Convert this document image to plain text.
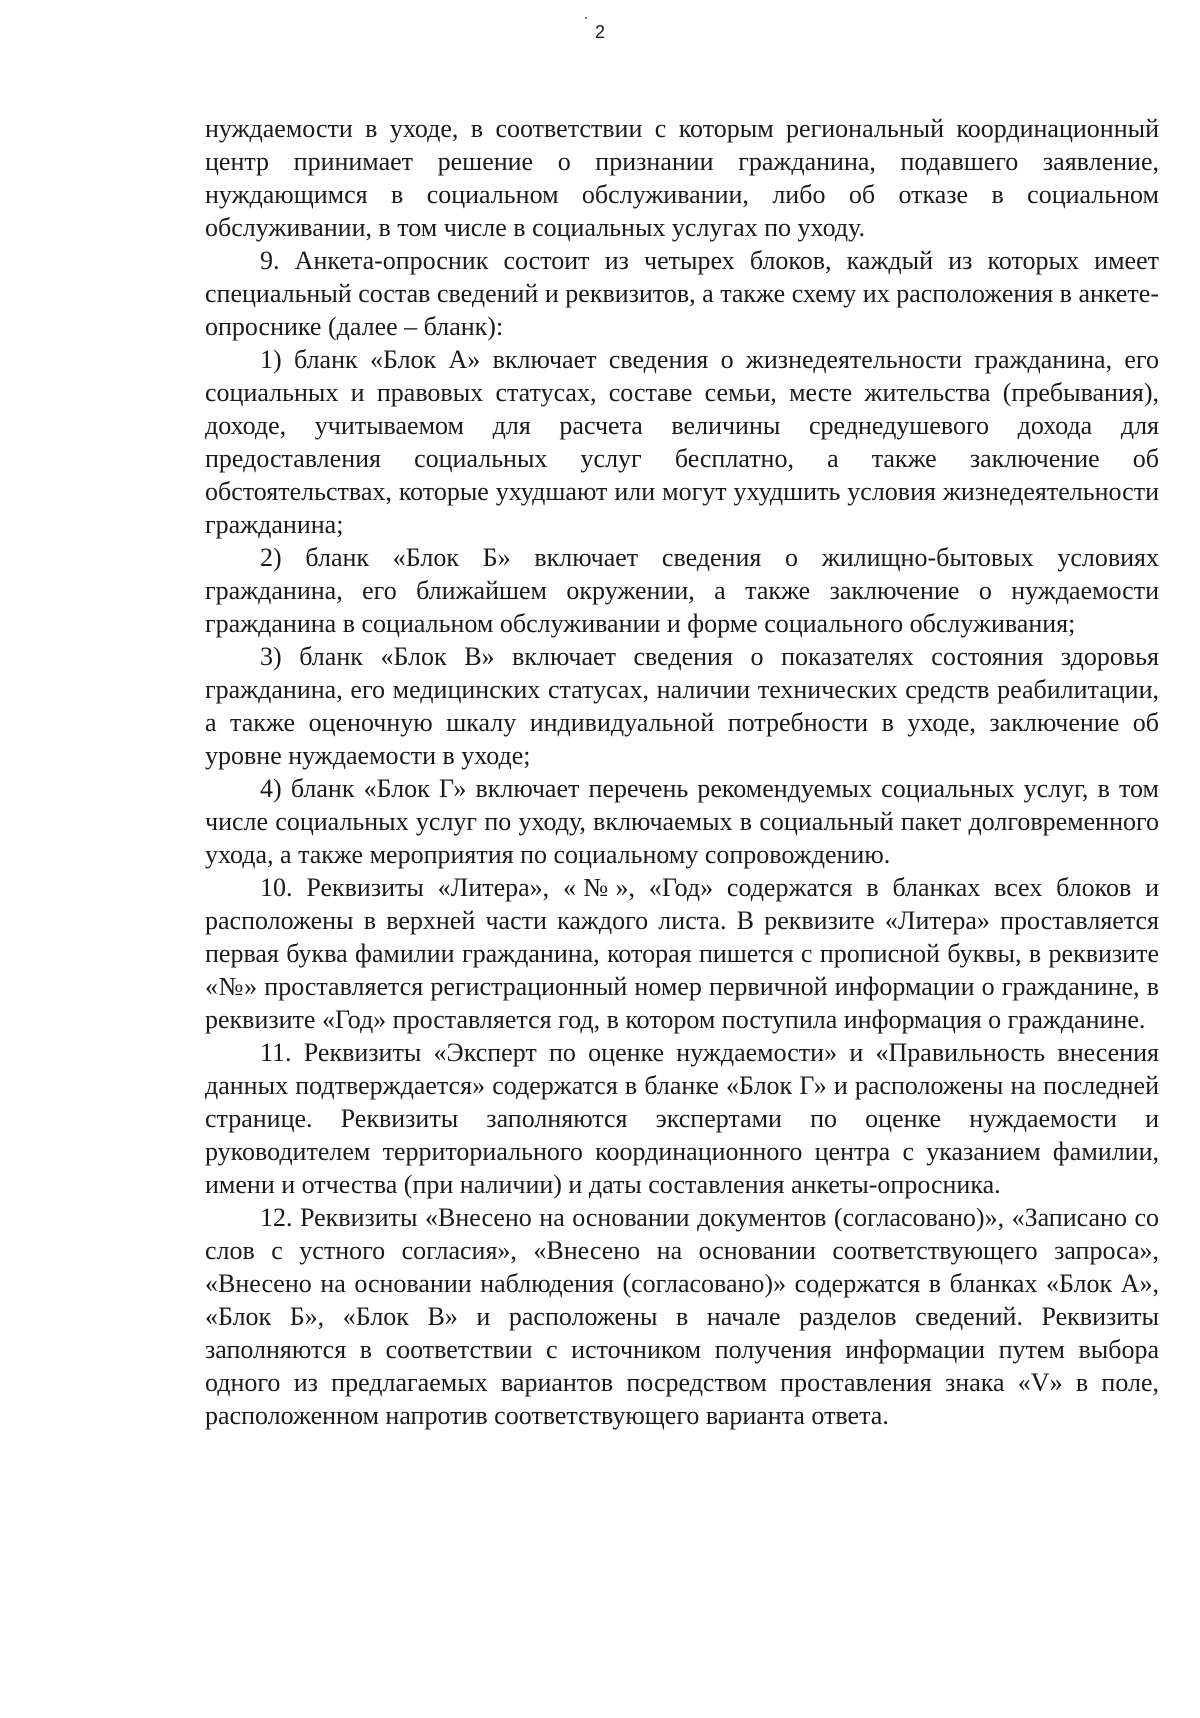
2

нуждаемости в уходе, в соответствии с которым региональный координационный центр принимает решение о признании гражданина, подавшего заявление, нуждающимся в социальном обслуживании, либо об отказе в социальном обслуживании, в том числе в социальных услугах по уходу.

9. Анкета-опросник состоит из четырех блоков, каждый из которых имеет специальный состав сведений и реквизитов, а также схему их расположения в анкете-опроснике (далее – бланк):

1) бланк «Блок А» включает сведения о жизнедеятельности гражданина, его социальных и правовых статусах, составе семьи, месте жительства (пребывания), доходе, учитываемом для расчета величины среднедушевого дохода для предоставления социальных услуг бесплатно, а также заключение об обстоятельствах, которые ухудшают или могут ухудшить условия жизнедеятельности гражданина;

2) бланк «Блок Б» включает сведения о жилищно-бытовых условиях гражданина, его ближайшем окружении, а также заключение о нуждаемости гражданина в социальном обслуживании и форме социального обслуживания;

3) бланк «Блок В» включает сведения о показателях состояния здоровья гражданина, его медицинских статусах, наличии технических средств реабилитации, а также оценочную шкалу индивидуальной потребности в уходе, заключение об уровне нуждаемости в уходе;

4) бланк «Блок Г» включает перечень рекомендуемых социальных услуг, в том числе социальных услуг по уходу, включаемых в социальный пакет долговременного ухода, а также мероприятия по социальному сопровождению.

10. Реквизиты «Литера», «№», «Год» содержатся в бланках всех блоков и расположены в верхней части каждого листа. В реквизите «Литера» проставляется первая буква фамилии гражданина, которая пишется с прописной буквы, в реквизите «№» проставляется регистрационный номер первичной информации о гражданине, в реквизите «Год» проставляется год, в котором поступила информация о гражданине.

11. Реквизиты «Эксперт по оценке нуждаемости» и «Правильность внесения данных подтверждается» содержатся в бланке «Блок Г» и расположены на последней странице. Реквизиты заполняются экспертами по оценке нуждаемости и руководителем территориального координационного центра с указанием фамилии, имени и отчества (при наличии) и даты составления анкеты-опросника.

12. Реквизиты «Внесено на основании документов (согласовано)», «Записано со слов с устного согласия», «Внесено на основании соответствующего запроса», «Внесено на основании наблюдения (согласовано)» содержатся в бланках «Блок А», «Блок Б», «Блок В» и расположены в начале разделов сведений. Реквизиты заполняются в соответствии с источником получения информации путем выбора одного из предлагаемых вариантов посредством проставления знака «V» в поле, расположенном напротив соответствующего варианта ответа.
